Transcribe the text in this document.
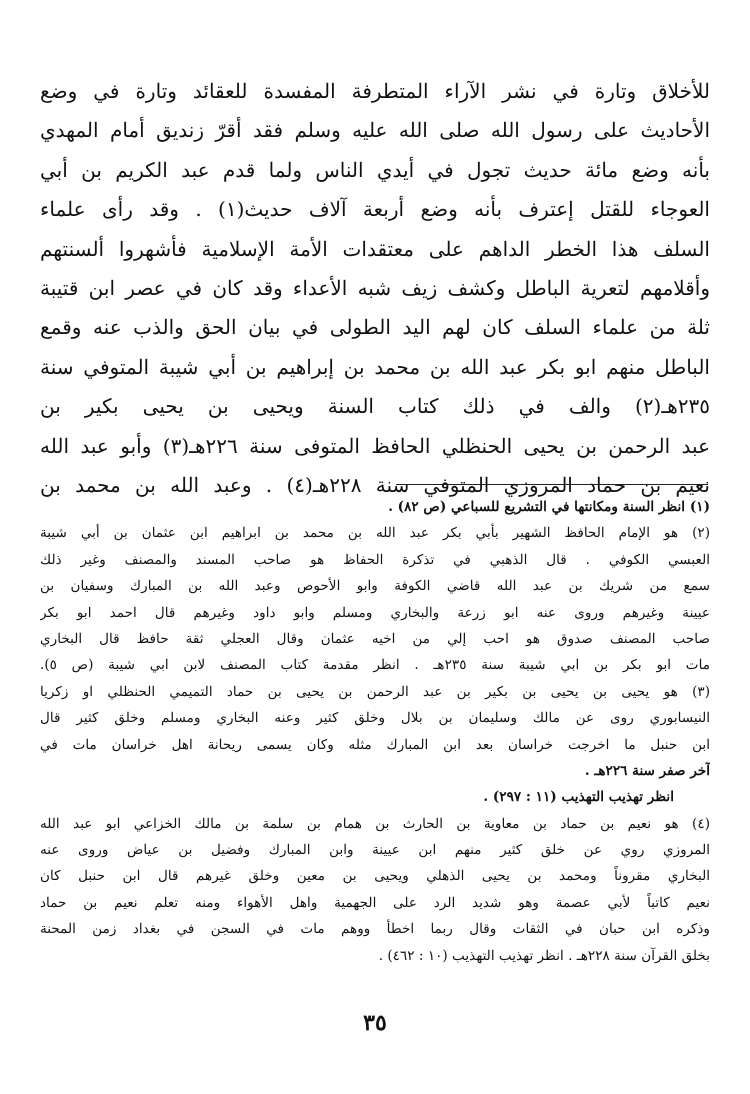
للأخلاق وتارة في نشر الآراء المتطرفة المفسدة للعقائد وتارة في وضع
الأحاديث على رسول الله صلى الله عليه وسلم فقد أقرّ زنديق أمام المهدي
بأنه وضع مائة حديث تجول في أيدي الناس ولما قدم عبد الكريم بن أبي
العوجاء للقتل إعترف بأنه وضع أربعة آلاف حديث(١) . وقد رأى علماء
السلف هذا الخطر الداهم على معتقدات الأمة الإسلامية فأشهروا ألسنتهم
وأقلامهم لتعرية الباطل وكشف زيف شبه الأعداء وقد كان في عصر ابن قتيبة
ثلة من علماء السلف كان لهم اليد الطولى في بيان الحق والذب عنه وقمع
الباطل منهم ابو بكر عبد الله بن محمد بن إبراهيم بن أبي شيبة المتوفي سنة
٢٣٥هـ(٢) والف في ذلك كتاب السنة ويحيى بن يحيى بكير بن
عبد الرحمن بن يحيى الحنظلي الحافظ المتوفى سنة ٢٢٦هـ(٣) وأبو عبد الله
نعيم بن حماد المروزي المتوفي سنة ٢٢٨هـ(٤) . وعبد الله بن محمد بن
(١) انظر السنة ومكانتها في التشريع للسباعي (ص ٨٢) .
(٢) هو الإمام الحافظ الشهير بأبي بكر عبد الله بن محمد بن ابراهيم ابن عثمان بن أبي شيبة
العبسي الكوفي . قال الذهبي في تذكرة الحفاظ هو صاحب المسند والمصنف وغير ذلك
سمع من شريك بن عبد الله قاضي الكوفة وابو الأحوص وعبد الله بن المبارك وسفيان بن
عيينة وغيرهم وروى عنه ابو زرعة والبخاري ومسلم وابو داود وغيرهم قال احمد ابو بكر
صاحب المصنف صدوق هو احب إلي من اخيه عثمان وقال العجلي ثقة حافظ قال البخاري
مات ابو بكر بن ابي شيبة سنة ٢٣٥هـ . انظر مقدمة كتاب المصنف لابن ابي شيبة (ص ٥).
(٣) هو يحيى بن يحيى بن بكير بن عبد الرحمن بن يحيى بن حماد التميمي الحنظلي او زكريا
النيسابوري روى عن مالك وسليمان بن بلال وخلق كثير وعنه البخاري ومسلم وخلق كثير قال
ابن حنبل ما اخرجت خراسان بعد ابن المبارك مثله وكان يسمى ريحانة اهل خراسان مات في
آخر صفر سنة ٢٢٦هـ .
انظر تهذيب التهذيب (١١ : ٢٩٧) .
(٤) هو نعيم بن حماد بن معاوية بن الحارث بن همام بن سلمة بن مالك الخزاعي ابو عبد الله
المروزي روي عن خلق كثير منهم ابن عيينة وابن المبارك وفضيل بن عياض وروى عنه
البخاري مقروناً ومحمد بن يحيى الذهلي ويحيى بن معين وخلق غيرهم قال ابن حنبل كان
نعيم كاتباً لأبي عصمة وهو شديد الرد على الجهمية واهل الأهواء ومنه تعلم نعيم بن حماد
وذكره ابن حبان في الثقات وقال ربما اخطأ ووهم مات في السجن في بغداد زمن المحنة
بخلق القرآن سنة ٢٢٨هـ . انظر تهذيب التهذيب (١٠ : ٤٦٢) .
٣٥
